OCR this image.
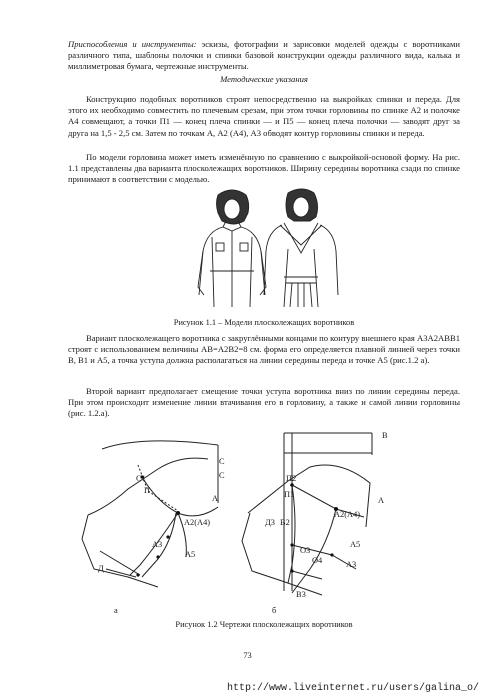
Приспособления и инструменты: эскизы, фотографии и зарисовки моделей одежды с воротниками различного типа, шаблоны полочки и спинки базовой конструкции одежды различного вида, калька и миллиметровая бумага, чертежные инструменты.
Методические указания
Конструкцию подобных воротников строят непосредственно на выкройках спинки и переда. Для этого их необходимо совместить по плечевым срезам, при этом точки горловины по спинке А2 и полочке А4 совмещают, а точки П1 — конец плеча спинки — и П5 — конец плеча полочки — заводят друг за друга на 1,5 - 2,5 см. Затем по точкам А, А2 (А4), А3 обводят контур горловины спинки и переда.
По модели горловина может иметь изменённую по сравнению с выкройкой-основой форму. На рис. 1.1 представлены два варианта плосколежащих воротников. Ширину середины воротника сзади по спинке принимают в соответствии с моделью.
Рисунок 1.1 – Модели плосколежащих воротников
Вариант плосколежащего воротника с закруглёнными концами по контуру внешнего края А3А2АВВ1 строят с использованием величины АВ=А2В2=8 см. форма его определяется плавной линией через точки В, В1 и А5, а точка уступа должна располагаться на линии середины переда и точке А5 (рис.1.2 а).
Второй вариант предполагает смещение точки уступа воротника вниз по линии середины переда. При этом происходит изменение линии втачивания его в горловину, а также и самой линии горловины (рис. 1.2.а).
С
С
С1
П
А
А2(А4)
А5
А3
Д
а
В
А
П2
П1
Д3 В2
А2(А4)
О3
О4
А5
А3
В3
б
Рисунок 1.2 Чертежи плосколежащих воротников
73
http://www.liveinternet.ru/users/galina_o/
